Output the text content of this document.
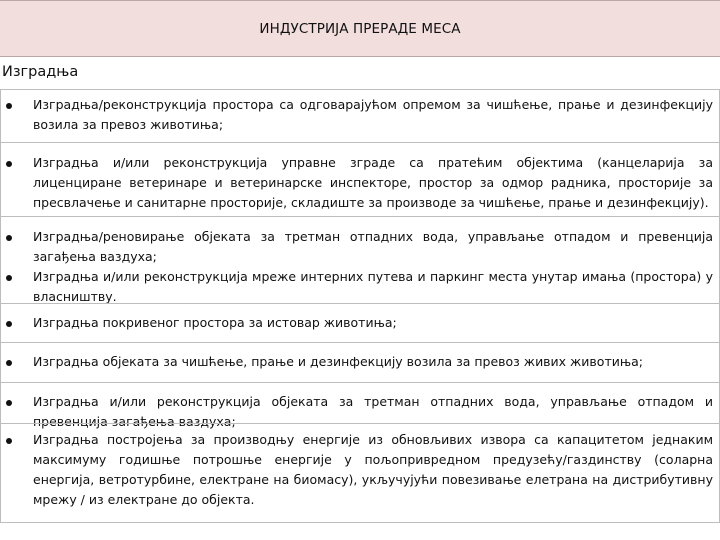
ИНДУСТРИЈА ПРЕРАДЕ МЕСА
Изградња
Изградња/реконструкција простора са одговарајућом опремом за чишћење, прање и дезинфекцију возила за превоз животиња;
Изградња и/или реконструкција управне зграде са пратећим објектима (канцеларија за лиценциране ветеринаре и ветеринарске инспекторе, простор за одмор радника, просторије за пресвлачење и санитарне просторије, складиште за производе за чишћење, прање и дезинфекцију).
Изградња/реновирање објеката за третман отпадних вода, управљање отпадом и превенција загађења ваздуха;
Изградња и/или реконструкција мреже интерних путева и паркинг места унутар имања (простора) у власништву.
Изградња покривеног простора за истовар животиња;
Изградња објеката за чишћење, прање и дезинфекцију возила за превоз живих животиња;
Изградња и/или реконструкција објеката за третман отпадних вода, управљање отпадом и превенција загађења ваздуха;
Изградња постројења за производњу енергије из обновљивих извора са капацитетом једнаким максимуму годишње потрошње енергије у пољопривредном предузећу/газдинству (соларна енергија, ветротурбине, електране на биомасу), укључујући повезивање елетрана на дистрибутивну мрежу / из електране до објекта.
